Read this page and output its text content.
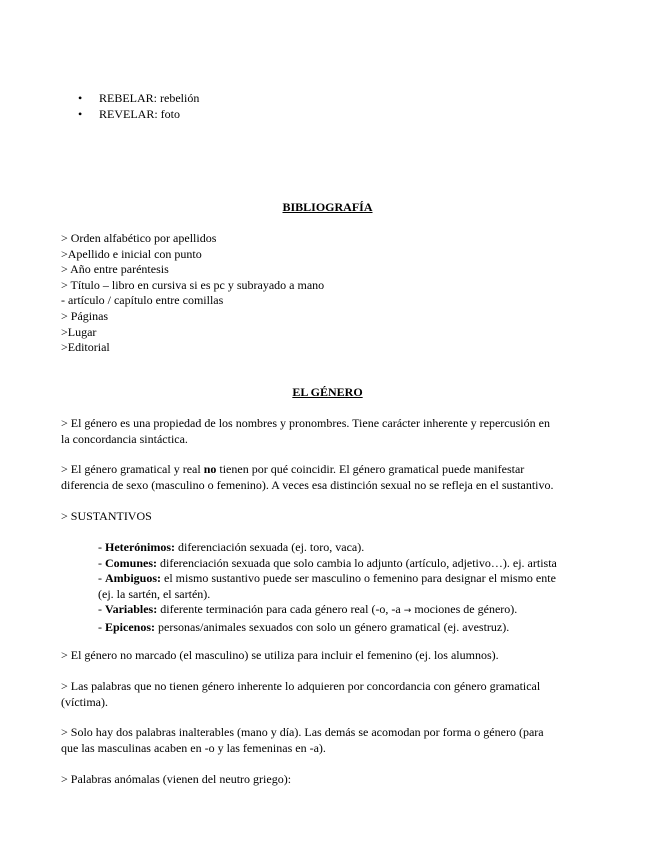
• REBELAR: rebelión
• REVELAR: foto
BIBLIOGRAFÍA

> Orden alfabético por apellidos

>Apellido e inicial con punto

> Año entre paréntesis

> Título – libro en cursiva si es pc y subrayado a mano

- artículo / capítulo entre comillas

> Páginas

>Lugar

>Editorial

EL GÉNERO

> El género es una propiedad de los nombres y pronombres. Tiene carácter inherente y repercusión en

la concordancia sintáctica.

> El género gramatical y real no tienen por qué coincidir. El género gramatical puede manifestar

diferencia de sexo (masculino o femenino). A veces esa distinción sexual no se refleja en el sustantivo.

> SUSTANTIVOS

- Heterónimos: diferenciación sexuada (ej. toro, vaca).

- Comunes: diferenciación sexuada que solo cambia lo adjunto (artículo, adjetivo…). ej. artista

- Ambiguos: el mismo sustantivo puede ser masculino o femenino para designar el mismo ente

(ej. la sartén, el sartén).

- Variables: diferente terminación para cada género real (-o, -a → mociones de género).

- Epicenos: personas/animales sexuados con solo un género gramatical (ej. avestruz).

> El género no marcado (el masculino) se utiliza para incluir el femenino (ej. los alumnos).

> Las palabras que no tienen género inherente lo adquieren por concordancia con género gramatical

(víctima).

> Solo hay dos palabras inalterables (mano y día). Las demás se acomodan por forma o género (para

que las masculinas acaben en -o y las femeninas en -a).

> Palabras anómalas (vienen del neutro griego):
